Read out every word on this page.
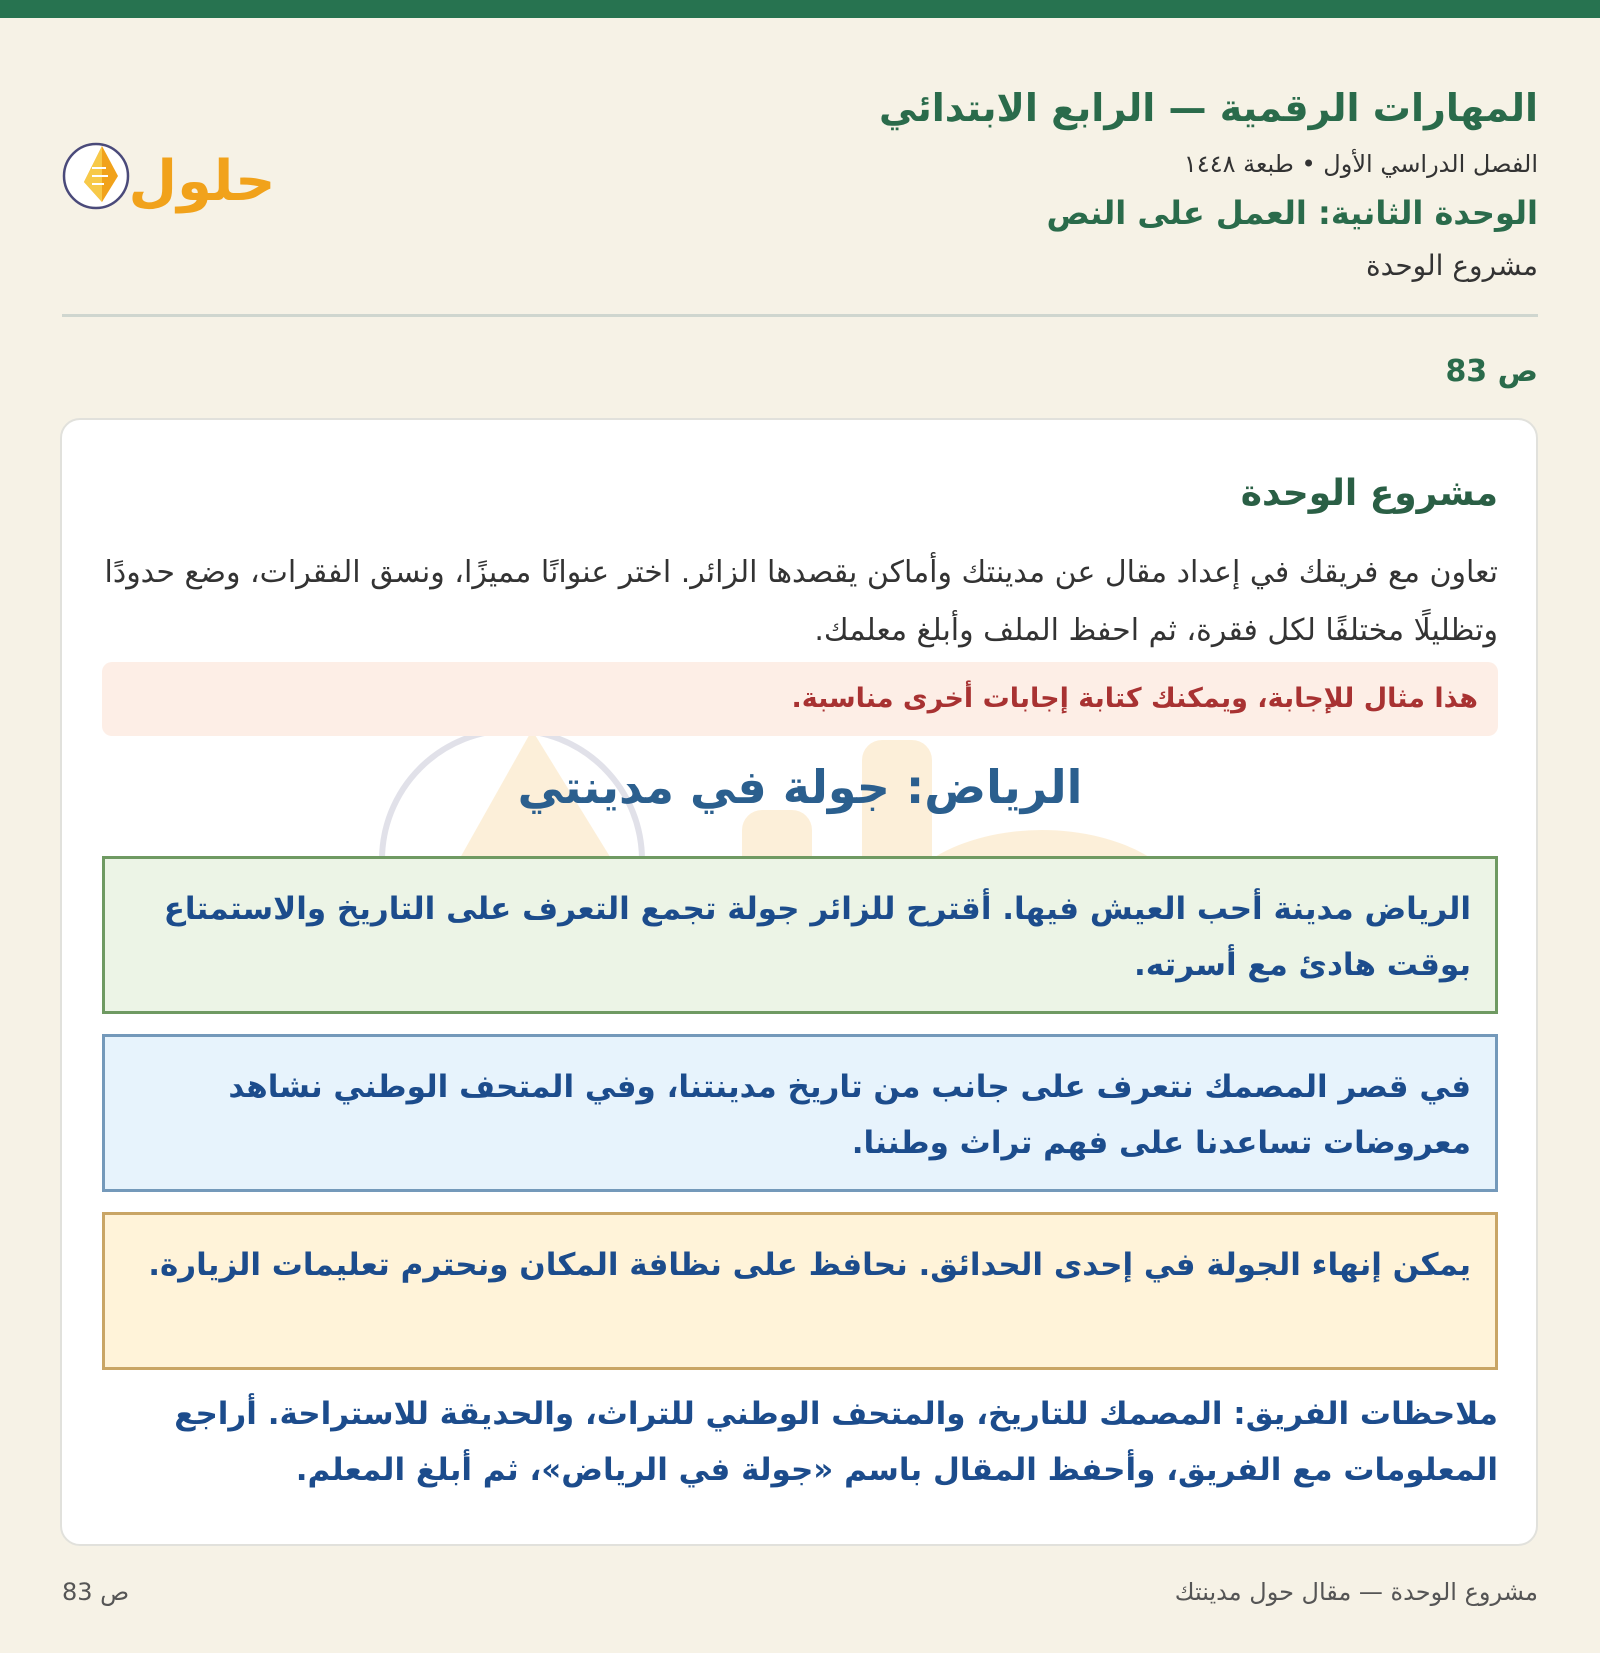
المهارات الرقمية — الرابع الابتدائي
الفصل الدراسي الأول • طبعة ١٤٤٨
الوحدة الثانية: العمل على النص
مشروع الوحدة
حلول
ص 83
مشروع الوحدة
تعاون مع فريقك في إعداد مقال عن مدينتك وأماكن يقصدها الزائر. اختر عنوانًا مميزًا، ونسق الفقرات، وضع حدودًا وتظليلًا مختلفًا لكل فقرة، ثم احفظ الملف وأبلغ معلمك.
هذا مثال للإجابة، ويمكنك كتابة إجابات أخرى مناسبة.
الرياض: جولة في مدينتي
الرياض مدينة أحب العيش فيها. أقترح للزائر جولة تجمع التعرف على التاريخ والاستمتاع بوقت هادئ مع أسرته.
في قصر المصمك نتعرف على جانب من تاريخ مدينتنا، وفي المتحف الوطني نشاهد معروضات تساعدنا على فهم تراث وطننا.
يمكن إنهاء الجولة في إحدى الحدائق. نحافظ على نظافة المكان ونحترم تعليمات الزيارة.
ملاحظات الفريق: المصمك للتاريخ، والمتحف الوطني للتراث، والحديقة للاستراحة. أراجع المعلومات مع الفريق، وأحفظ المقال باسم «جولة في الرياض»، ثم أبلغ المعلم.
مشروع الوحدة — مقال حول مدينتك
ص 83
